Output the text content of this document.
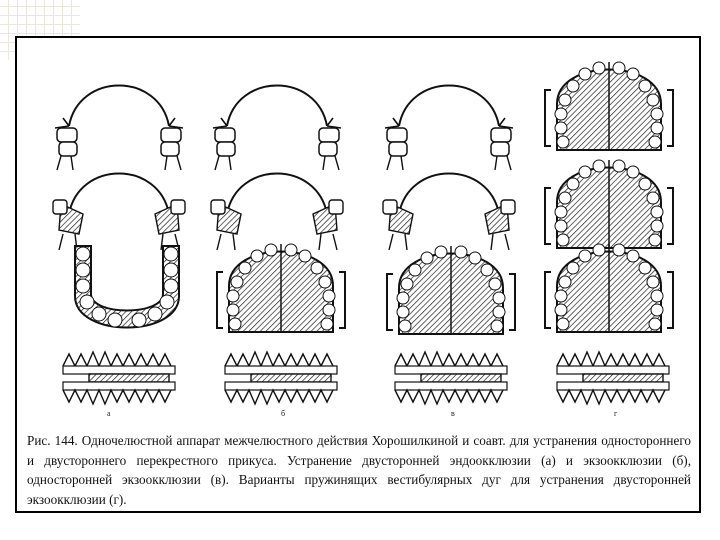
а	б	в	г

Рис. 144. Одночелюстной аппарат межчелюстного действия Хорошилкиной и соавт. для устранения одностороннего и двустороннего перекрестного прикуса. Устранение двусторонней эндоокклюзии (а) и экзоокклюзии (б), односторонней экзоокклюзии (в). Варианты пружинящих вестибулярных дуг для устранения двусторонней экзоокклюзии (г).
